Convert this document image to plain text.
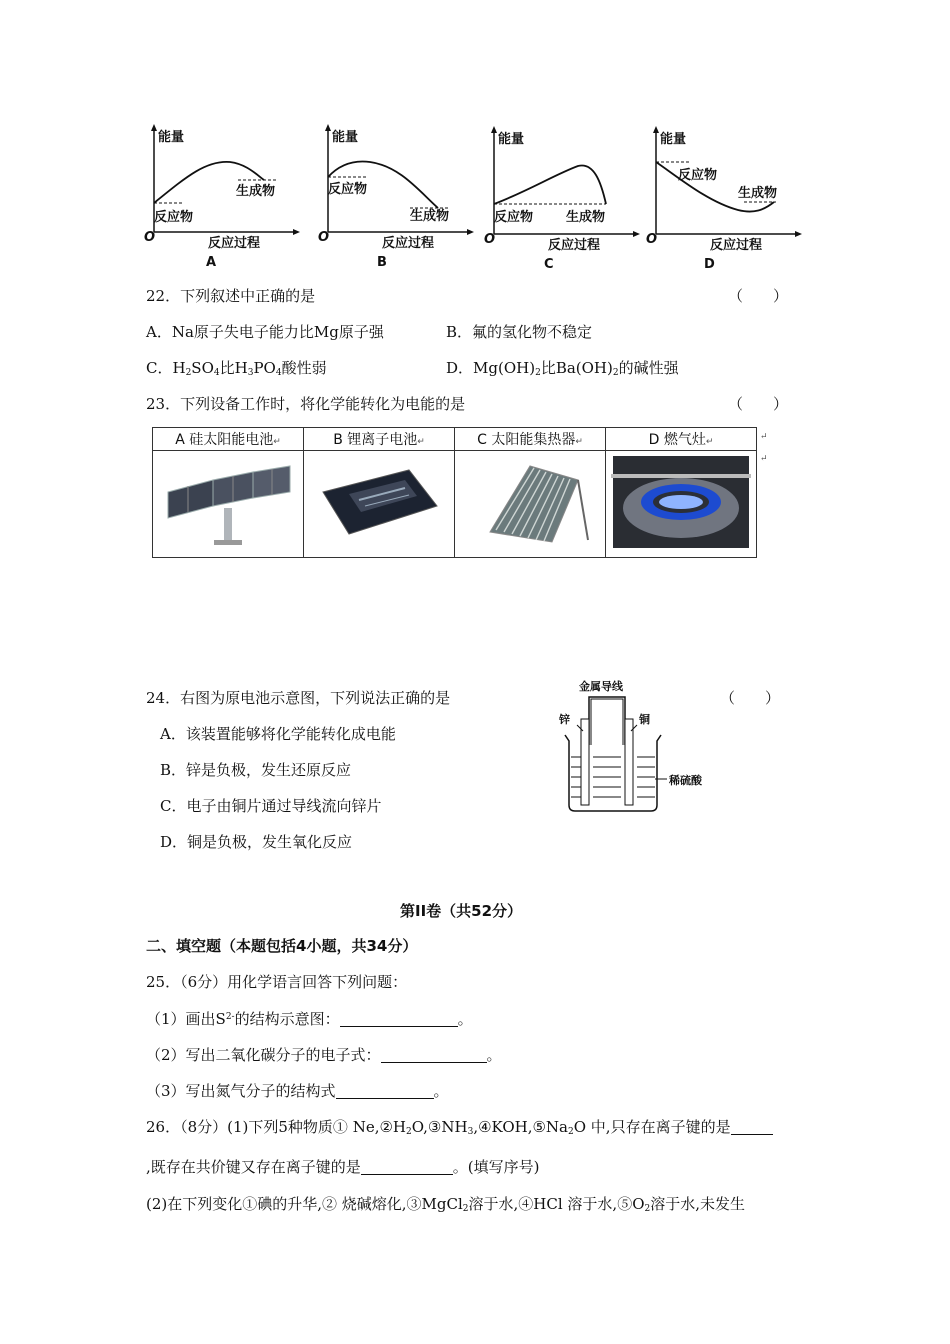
能量
O	反应过程
反应物
生成物
A
能量
O	反应过程
反应物
生成物
B
能量
O	反应过程
反应物	生成物
C
能量
O	反应过程
反应物
生成物
D
22．下列叙述中正确的是	（　　）
A．Na原子失电子能力比Mg原子强	B．氟的氢化物不稳定
C．$H_2SO_4$比$H_3PO_4$酸性弱	D．$Mg(OH)_2$比$Ba(OH)_2$的碱性强
23．下列设备工作时，将化学能转化为电能的是	（　　）
A 硅太阳能电池↵	B 锂离子电池↵	C 太阳能集热器↵	D 燃气灶↵
				↵
↵
24．右图为原电池示意图，下列说法正确的是	（　　）
A．该装置能够将化学能转化成电能
B．锌是负极，发生还原反应
C．电子由铜片通过导线流向锌片
D．铜是负极，发生氧化反应
金属导线
锌	铜
稀硫酸
第II卷（共52分）
二、填空题（本题包括4小题，共34分）
25．（6分）用化学语言回答下列问题：
（1）画出$S^{2-}$的结构示意图：	。
（2）写出二氧化碳分子的电子式：	。
（3）写出氮气分子的结构式	。
26．（8分）(1)下列5种物质① $Ne,②H_2O,③NH_3,④KOH,⑤Na_2O$ 中,只存在离子键的是
,既存在共价键又存在离子键的是	。(填写序号)
(2)在下列变化①碘的升华,② 烧碱熔化,③MgCl$_2$溶于水,④HCl 溶于水$,⑤O_2$溶于水,未发生
